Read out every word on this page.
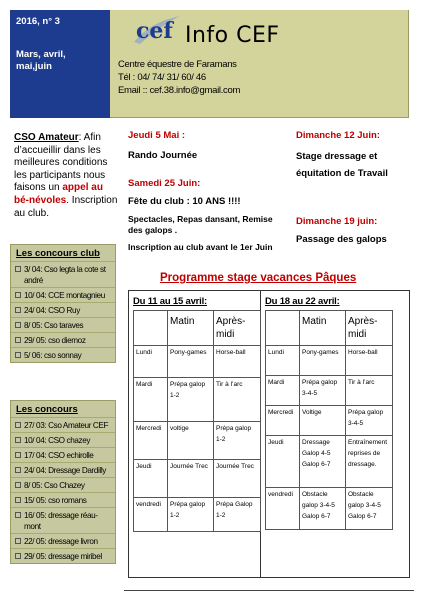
2016, n° 3
Mars, avril,
mai,juin
cef Info CEF
Centre équestre de Faramans
Tél : 04/ 74/ 31/ 60/ 46
Email :: cef.38.info@gmail.com
CSO Amateur: Afin d’accueillir dans les meilleures conditions les participants nous faisons un appel au bé-névoles. Inscription au club.
Les concours club
3/ 04: Cso legta la cote st andré
10/ 04: CCE montagnieu
24/ 04: CSO Ruy
8/ 05: Cso taraves
29/ 05: cso diemoz
5/ 06: cso sonnay
Les concours
27/ 03: Cso Amateur CEF
10/ 04: CSO chazey
17/ 04: CSO echirolle
24/ 04: Dressage Dardilly
8/ 05: Cso Chazey
15/ 05: cso romans
16/ 05: dressage réau-mont
22/ 05: dressage livron
29/ 05: dressage miribel
Jeudi 5 Mai :
Rando Journée
Samedi 25 Juin:
Fête du club : 10 ANS !!!!
Spectacles, Repas dansant, Remise des galops .
Inscription au club avant le 1er Juin
Dimanche 12 Juin:
Stage dressage et équitation de Travail
Dimanche 19 juin:
Passage des galops
Programme stage vacances Pâques
Du 11 au 15 avril:
	Matin	Après-midi
Lundi	Pony-games	Horse-ball
Mardi	Prépa galop 1-2	Tir à l’arc
Mercredi	voltige	Prépa galop 1-2
Jeudi	Journée Trec	Journée Trec
vendredi	Prépa galop 1-2	Prépa Galop 1-2
Du 18 au 22 avril:
	Matin	Après-midi
Lundi	Pony-games	Horse-ball
Mardi	Prépa galop 3-4-5	Tir à l’arc
Mercredi	Voltige	Prépa galop 3-4-5
Jeudi	Dressage Galop 4-5 Galop 6-7	Entraînement reprises de dressage.
vendredi	Obstacle galop 3-4-5 Galop 6-7	Obstacle galop 3-4-5 Galop 6-7
